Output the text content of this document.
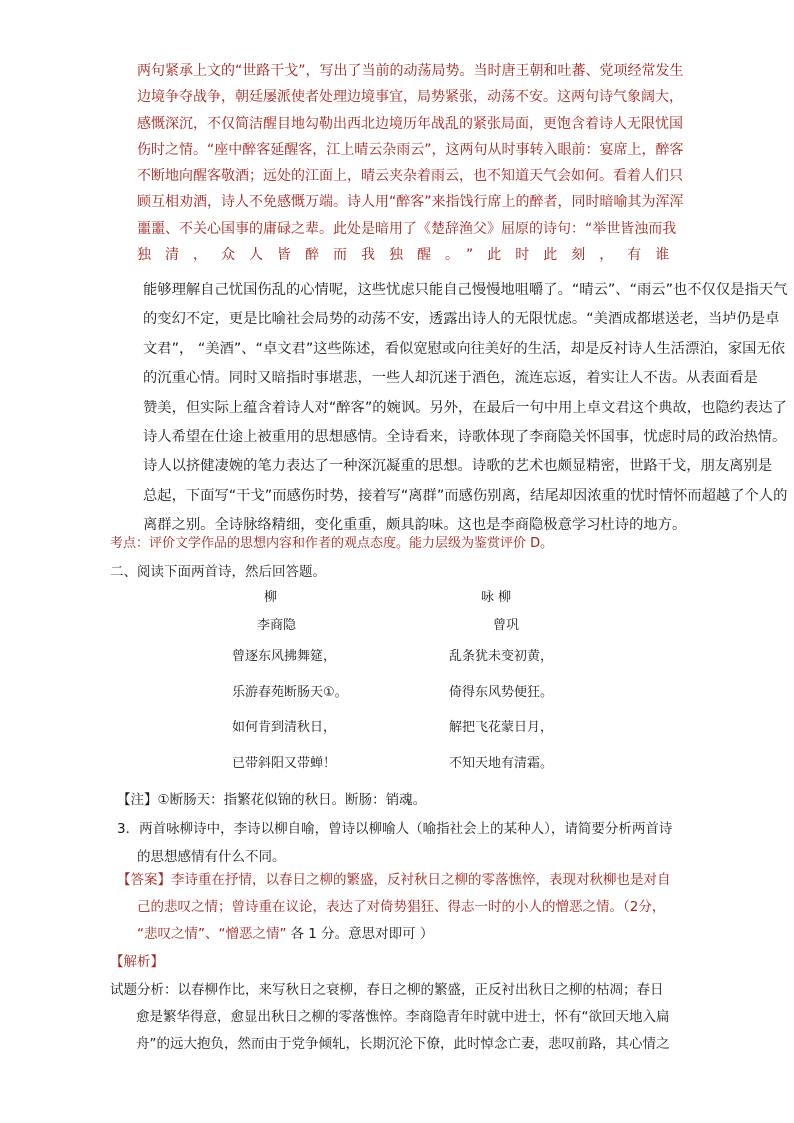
两句紧承上文的“世路干戈”，写出了当前的动荡局势。当时唐王朝和吐蕃、党项经常发生
边境争夺战争，朝廷屡派使者处理边境事宜，局势紧张，动荡不安。这两句诗气象阔大，
感慨深沉，不仅简洁醒目地勾勒出西北边境历年战乱的紧张局面，更饱含着诗人无限忧国
伤时之情。“座中醉客延醒客，江上晴云杂雨云”，这两句从时事转入眼前：宴席上，醉客
不断地向醒客敬酒；远处的江面上，晴云夹杂着雨云，也不知道天气会如何。看着人们只
顾互相劝酒，诗人不免感慨万端。诗人用“醉客”来指饯行席上的醉者，同时暗喻其为浑浑
噩噩、不关心国事的庸碌之辈。此处是暗用了《楚辞渔父》屈原的诗句：“举世皆浊而我
独清，众人皆醉而我独醒。”此时此刻，有谁
能够理解自己忧国伤乱的心情呢，这些忧虑只能自己慢慢地咀嚼了。“晴云”、“雨云”也不仅仅是指天气
的变幻不定，更是比喻社会局势的动荡不安，透露出诗人的无限忧虑。“美酒成都堪送老，当垆仍是卓
文君”， “美酒”、“卓文君”这些陈述，看似宽慰或向往美好的生活，却是反衬诗人生活漂泊，家国无依
的沉重心情。同时又暗指时事堪悲，一些人却沉迷于酒色，流连忘返，着实让人不齿。从表面看是
赞美，但实际上蕴含着诗人对“醉客”的婉讽。另外，在最后一句中用上卓文君这个典故，也隐约表达了
诗人希望在仕途上被重用的思想感情。全诗看来，诗歌体现了李商隐关怀国事，忧虑时局的政治热情。
诗人以挤健凄婉的笔力表达了一种深沉凝重的思想。诗歌的艺术也颇显精密，世路干戈，朋友离别是
总起，下面写“干戈”而感伤时势，接着写“离群”而感伤别离，结尾却因浓重的忧时情怀而超越了个人的
离群之别。全诗脉络精细，变化重重，颇具韵味。这也是李商隐极意学习杜诗的地方。
考点：评价文学作品的思想内容和作者的观点态度。能力层级为鉴赏评价 D。
二、阅读下面两首诗，然后回答题。
柳	咏 柳
李商隐	曾巩
曾逐东风拂舞筵，	乱条犹未变初黄，
乐游春苑断肠天①。	倚得东风势便狂。
如何肯到清秋日，	解把飞花蒙日月，
已带斜阳又带蝉！	不知天地有清霜。
【注】①断肠天：指繁花似锦的秋日。断肠：销魂。
3．两首咏柳诗中，李诗以柳自喻，曾诗以柳喻人（喻指社会上的某种人），请简要分析两首诗
的思想感情有什么不同。
【答案】李诗重在抒情，以春日之柳的繁盛，反衬秋日之柳的零落憔悴，表现对秋柳也是对自
己的悲叹之情；曾诗重在议论，表达了对倚势猖狂、得志一时的小人的憎恶之情。（2分，
“悲叹之情”、“憎恶之情” 各 1 分。意思对即可 ）
【解析】
试题分析：以春柳作比，来写秋日之衰柳，春日之柳的繁盛，正反衬出秋日之柳的枯凋；春日
愈是繁华得意，愈显出秋日之柳的零落憔悴。李商隐青年时就中进士，怀有“欲回天地入扁
舟”的远大抱负，然而由于党争倾轧，长期沉沦下僚，此时悼念亡妻，悲叹前路，其心情之
